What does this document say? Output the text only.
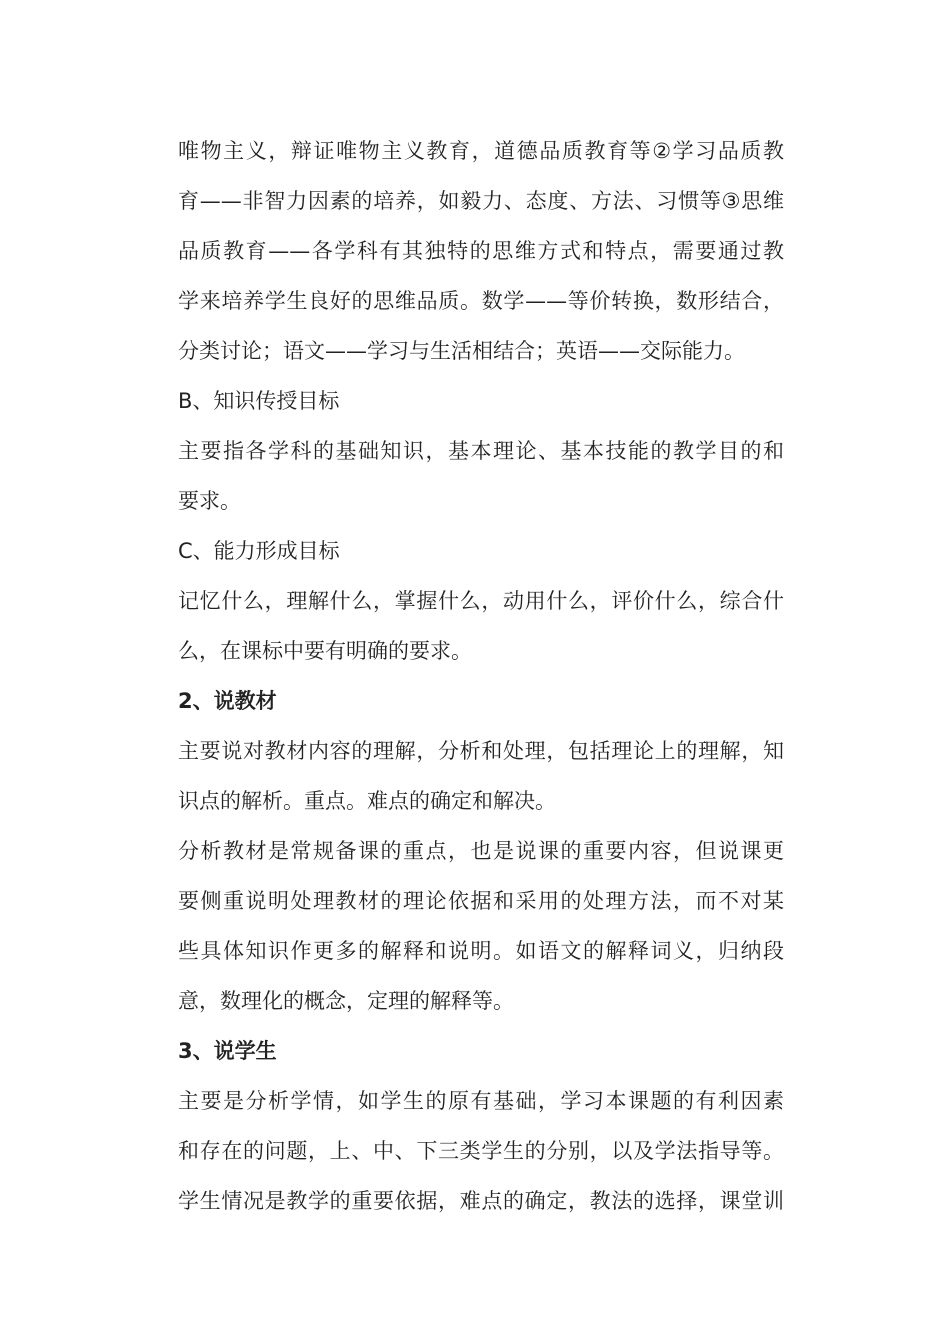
唯物主义，辩证唯物主义教育，道德品质教育等②学习品质教
育——非智力因素的培养，如毅力、态度、方法、习惯等③思维
品质教育——各学科有其独特的思维方式和特点，需要通过教
学来培养学生良好的思维品质。数学——等价转换，数形结合，
分类讨论；语文——学习与生活相结合；英语——交际能力。
B、知识传授目标
主要指各学科的基础知识，基本理论、基本技能的教学目的和
要求。
C、能力形成目标
记忆什么，理解什么，掌握什么，动用什么，评价什么，综合什
么，在课标中要有明确的要求。
2、说教材
主要说对教材内容的理解，分析和处理，包括理论上的理解，知
识点的解析。重点。难点的确定和解决。
分析教材是常规备课的重点，也是说课的重要内容，但说课更
要侧重说明处理教材的理论依据和采用的处理方法，而不对某
些具体知识作更多的解释和说明。如语文的解释词义，归纳段
意，数理化的概念，定理的解释等。
3、说学生
主要是分析学情，如学生的原有基础，学习本课题的有利因素
和存在的问题，上、中、下三类学生的分别，以及学法指导等。
学生情况是教学的重要依据，难点的确定，教法的选择，课堂训
